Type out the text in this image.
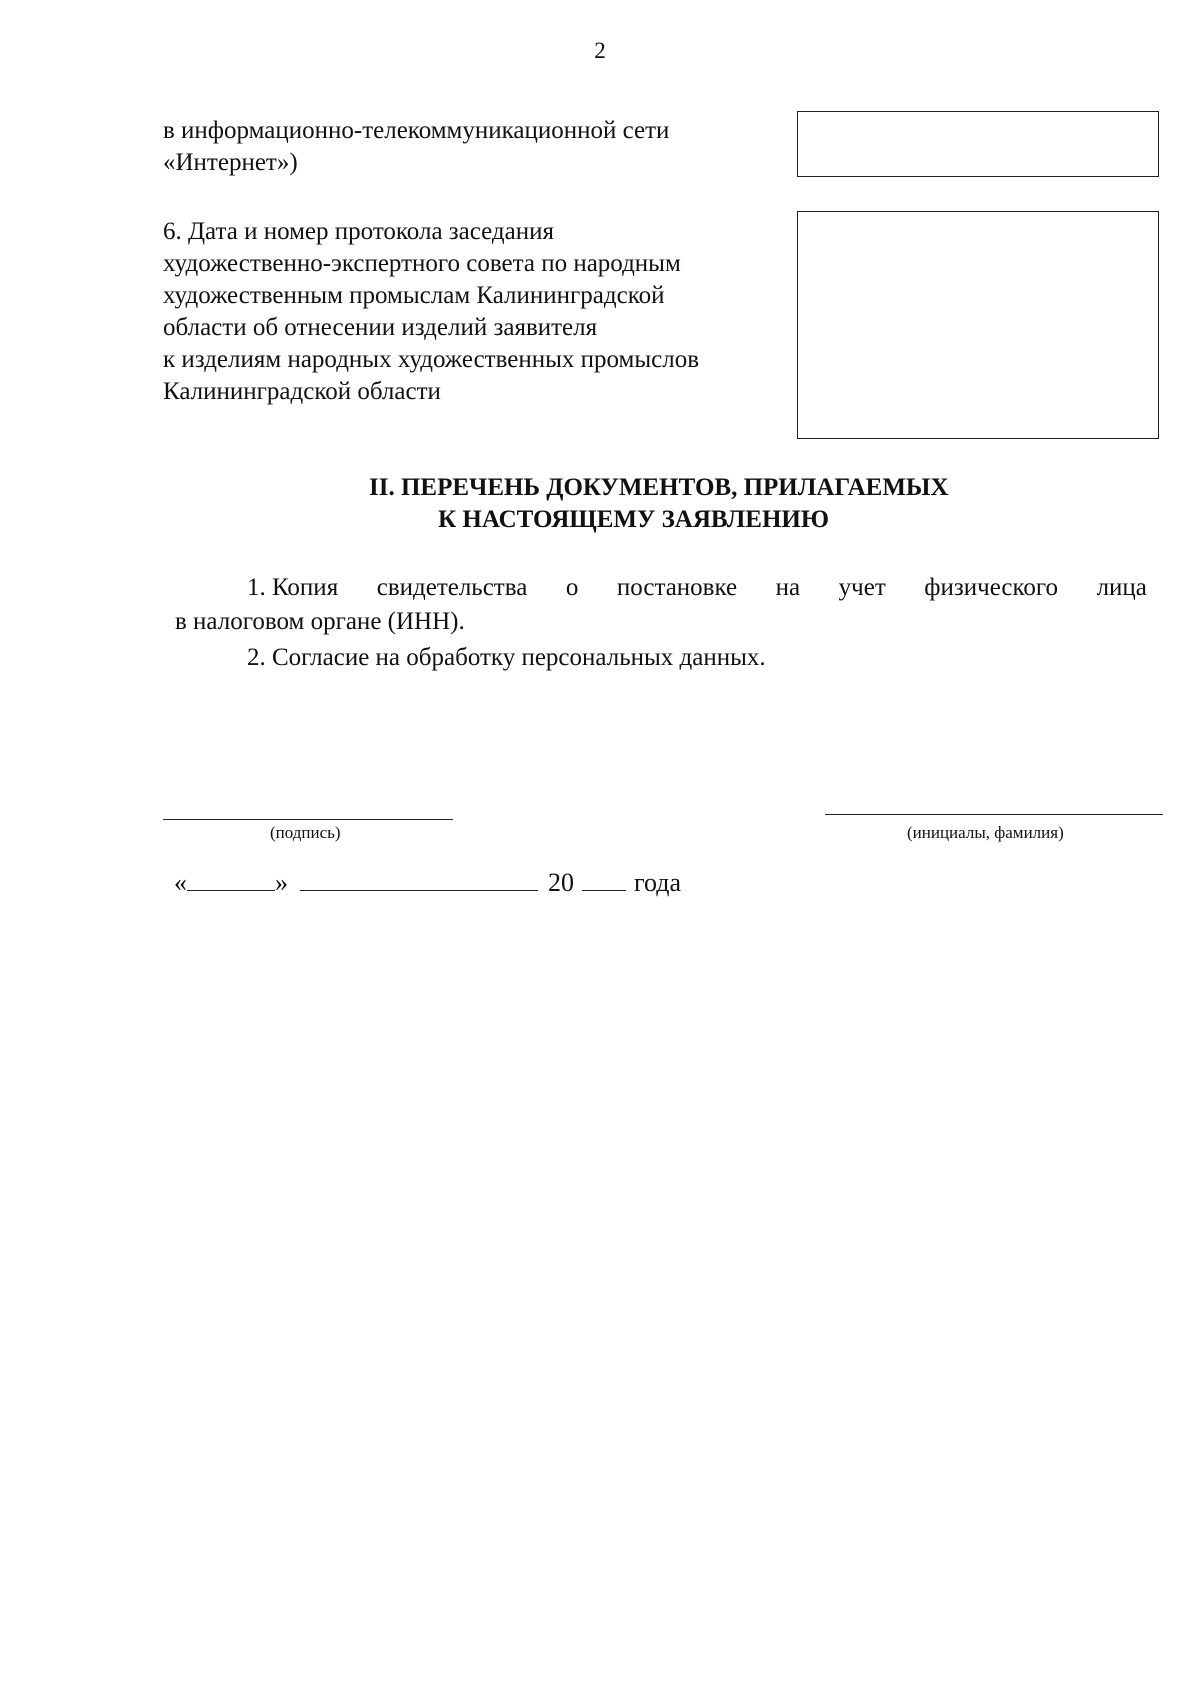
2
в информационно-телекоммуникационной сети
«Интернет»)
6. Дата и номер протокола заседания
художественно-экспертного совета по народным
художественным промыслам Калининградской
области об отнесении изделий заявителя
к изделиям народных художественных промыслов
Калининградской области
II. ПЕРЕЧЕНЬ ДОКУМЕНТОВ, ПРИЛАГАЕМЫХ
К НАСТОЯЩЕМУ ЗАЯВЛЕНИЮ
1. Копия свидетельства о постановке на учет физического лица
в налоговом органе (ИНН).
2. Согласие на обработку персональных данных.
(подпись)	(инициалы, фамилия)
«	»	20 года
